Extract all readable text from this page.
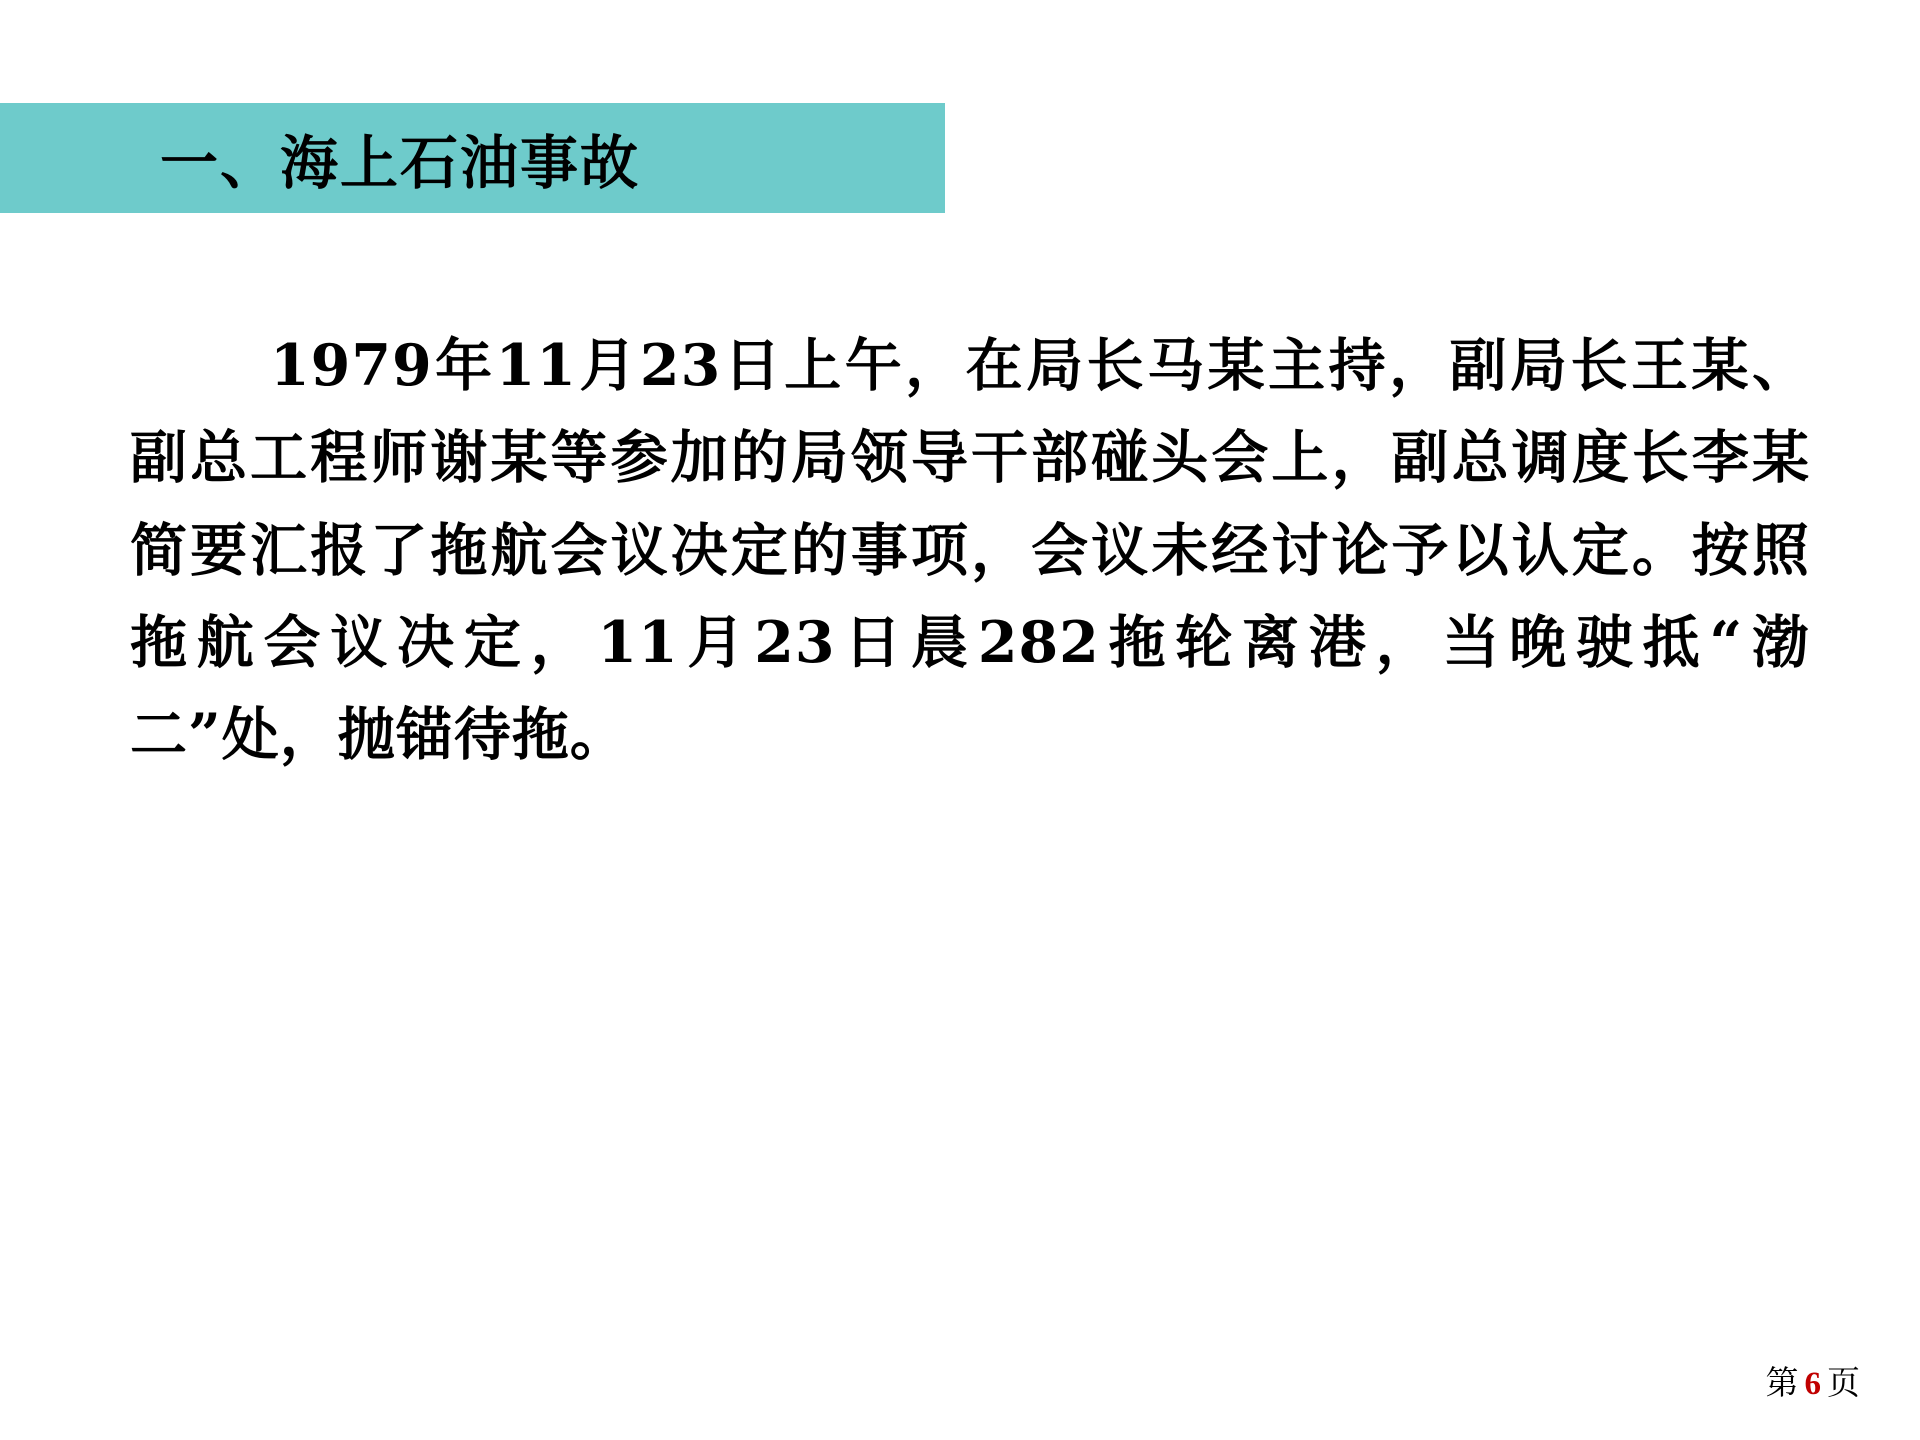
一、海上石油事故
1979年11月23日上午，在局长马某主持，副局长王某、副总工程师谢某等参加的局领导干部碰头会上，副总调度长李某简要汇报了拖航会议决定的事项，会议未经讨论予以认定。按照拖航会议决定，11月23日晨282拖轮离港，当晚驶抵“渤二”处，抛锚待拖。
第 6 页
